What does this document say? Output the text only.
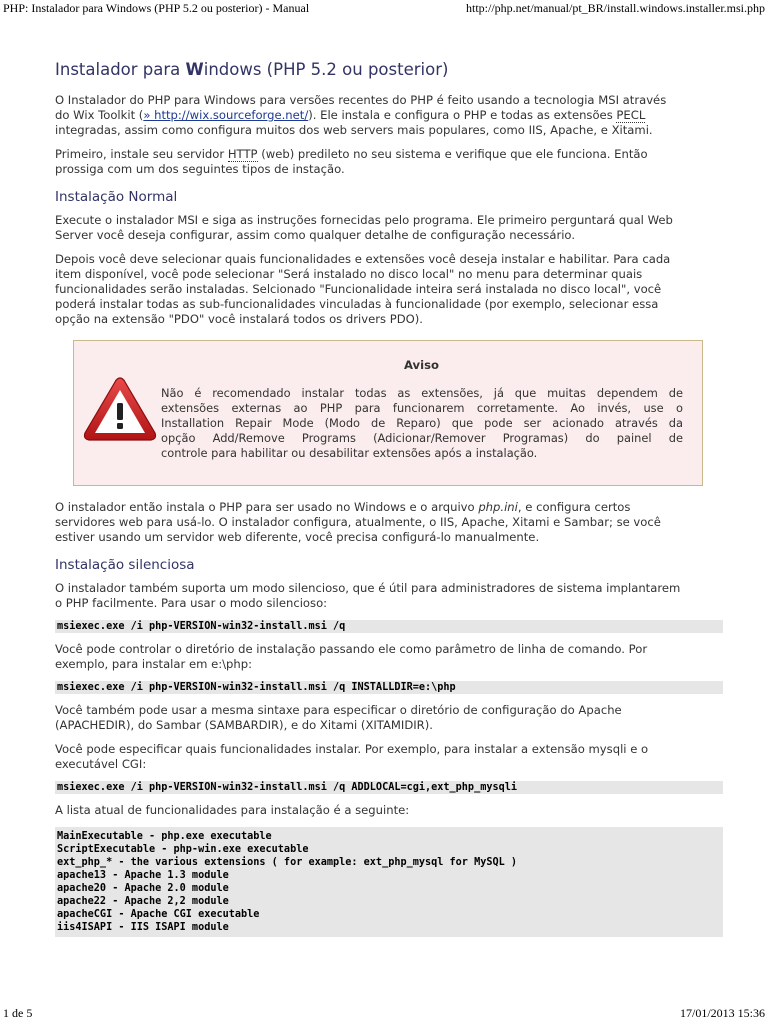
PHP: Instalador para Windows (PHP 5.2 ou posterior) - Manual	http://php.net/manual/pt_BR/install.windows.installer.msi.php
Instalador para Windows (PHP 5.2 ou posterior)

O Instalador do PHP para Windows para versões recentes do PHP é feito usando a tecnologia MSI através
do Wix Toolkit (» http://wix.sourceforge.net/). Ele instala e configura o PHP e todas as extensões PECL
integradas, assim como configura muitos dos web servers mais populares, como IIS, Apache, e Xitami.

Primeiro, instale seu servidor HTTP (web) predileto no seu sistema e verifique que ele funciona. Então
prossiga com um dos seguintes tipos de instação.

Instalação Normal

Execute o instalador MSI e siga as instruções fornecidas pelo programa. Ele primeiro perguntará qual Web
Server você deseja configurar, assim como qualquer detalhe de configuração necessário.

Depois você deve selecionar quais funcionalidades e extensões você deseja instalar e habilitar. Para cada
item disponível, você pode selecionar "Será instalado no disco local" no menu para determinar quais
funcionalidades serão instaladas. Selcionado "Funcionalidade inteira será instalada no disco local", você
poderá instalar todas as sub-funcionalidades vinculadas à funcionalidade (por exemplo, selecionar essa
opção na extensão "PDO" você instalará todos os drivers PDO).

Aviso
Não é recomendado instalar todas as extensões, já que muitas dependem de
extensões externas ao PHP para funcionarem corretamente. Ao invés, use o
Installation Repair Mode (Modo de Reparo) que pode ser acionado através da
opção Add/Remove Programs (Adicionar/Remover Programas) do painel de
controle para habilitar ou desabilitar extensões após a instalação.

O instalador então instala o PHP para ser usado no Windows e o arquivo php.ini, e configura certos
servidores web para usá-lo. O instalador configura, atualmente, o IIS, Apache, Xitami e Sambar; se você
estiver usando um servidor web diferente, você precisa configurá-lo manualmente.

Instalação silenciosa

O instalador também suporta um modo silencioso, que é útil para administradores de sistema implantarem
o PHP facilmente. Para usar o modo silencioso:

msiexec.exe /i php-VERSION-win32-install.msi /q

Você pode controlar o diretório de instalação passando ele como parâmetro de linha de comando. Por
exemplo, para instalar em e:\php:

msiexec.exe /i php-VERSION-win32-install.msi /q INSTALLDIR=e:\php

Você também pode usar a mesma sintaxe para especificar o diretório de configuração do Apache
(APACHEDIR), do Sambar (SAMBARDIR), e do Xitami (XITAMIDIR).

Você pode especificar quais funcionalidades instalar. Por exemplo, para instalar a extensão mysqli e o
executável CGI:

msiexec.exe /i php-VERSION-win32-install.msi /q ADDLOCAL=cgi,ext_php_mysqli

A lista atual de funcionalidades para instalação é a seguinte:

MainExecutable - php.exe executable
ScriptExecutable - php-win.exe executable
ext_php_* - the various extensions ( for example: ext_php_mysql for MySQL )
apache13 - Apache 1.3 module
apache20 - Apache 2.0 module
apache22 - Apache 2,2 module
apacheCGI - Apache CGI executable
iis4ISAPI - IIS ISAPI module
1 de 5	17/01/2013 15:36
